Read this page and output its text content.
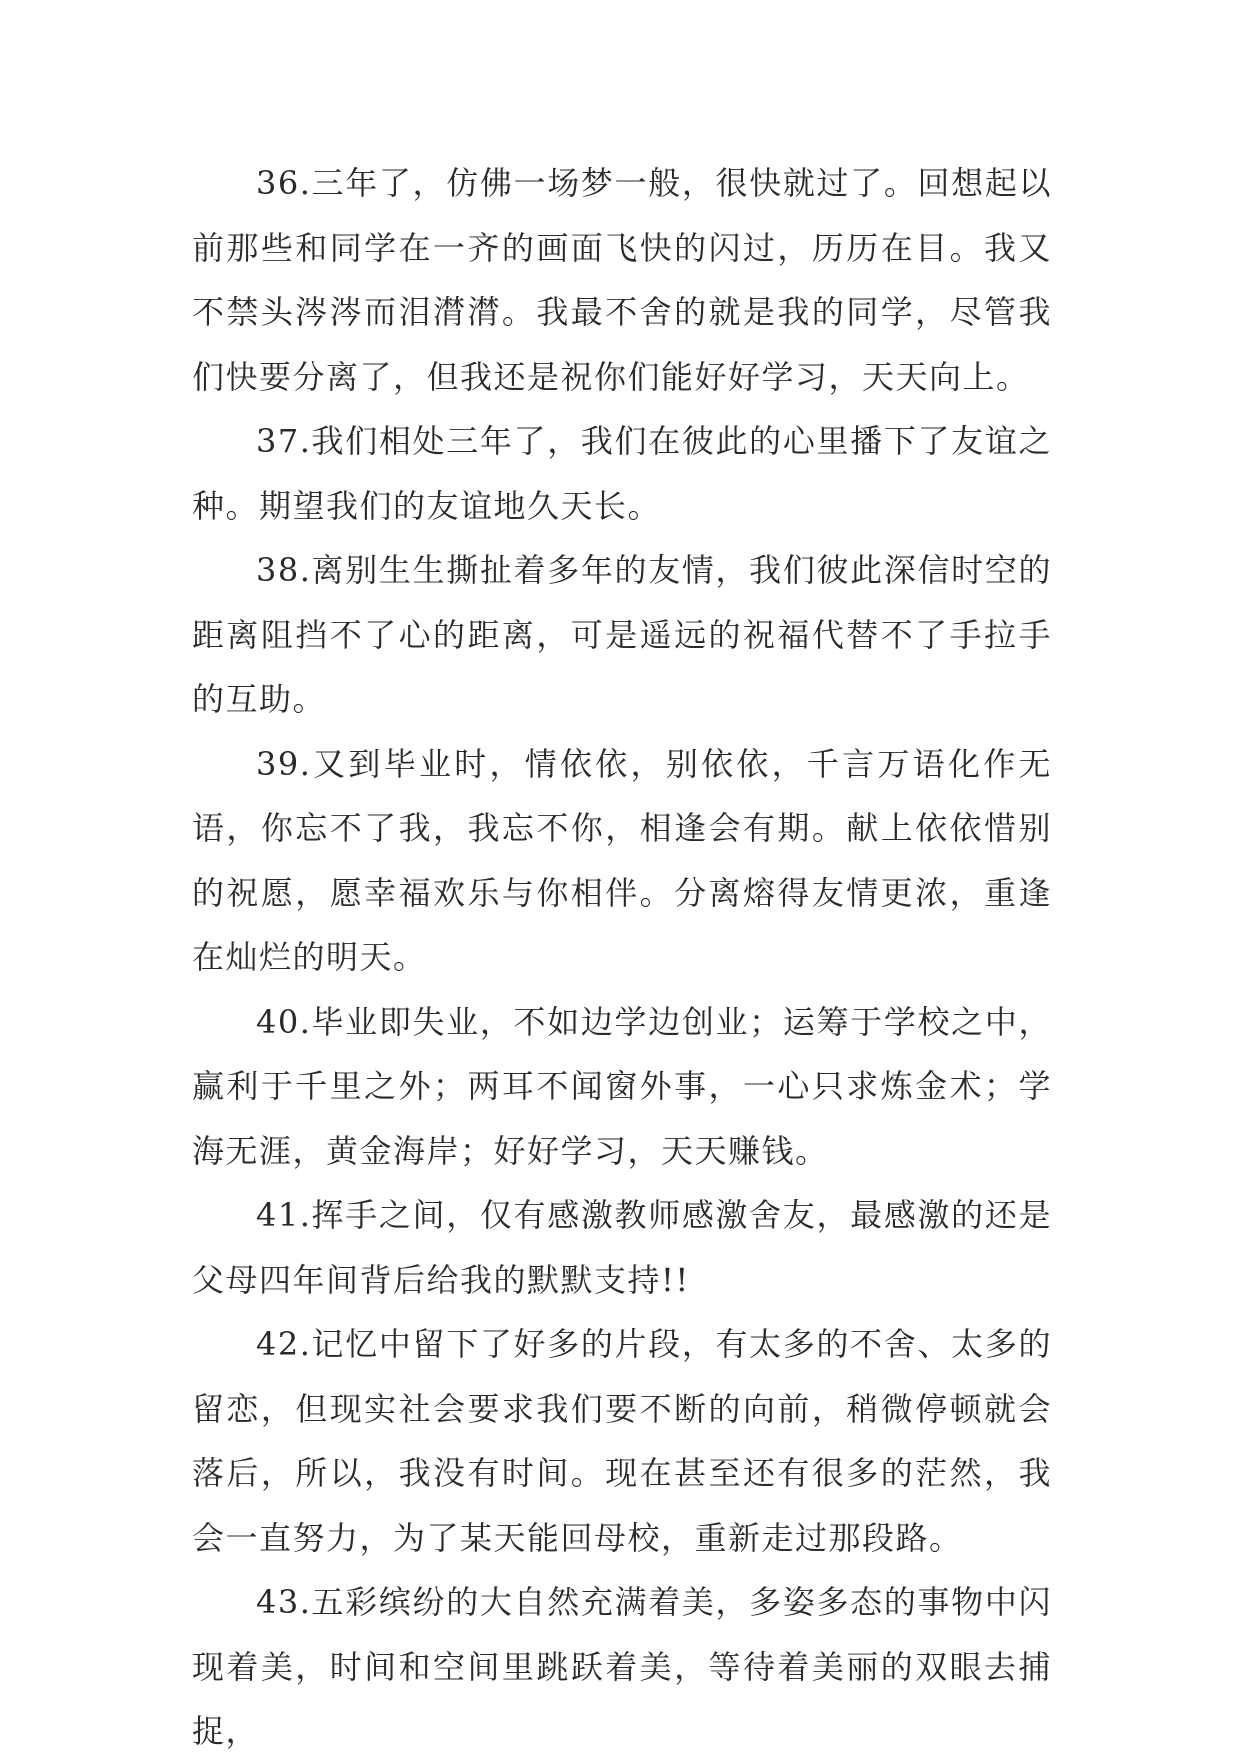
36.三年了，仿佛一场梦一般，很快就过了。回想起以前那些和同学在一齐的画面飞快的闪过，历历在目。我又不禁头涔涔而泪潸潸。我最不舍的就是我的同学，尽管我们快要分离了，但我还是祝你们能好好学习，天天向上。

37.我们相处三年了，我们在彼此的心里播下了友谊之种。期望我们的友谊地久天长。

38.离别生生撕扯着多年的友情，我们彼此深信时空的距离阻挡不了心的距离，可是遥远的祝福代替不了手拉手的互助。

39.又到毕业时，情依依，别依依，千言万语化作无语，你忘不了我，我忘不你，相逢会有期。献上依依惜别的祝愿，愿幸福欢乐与你相伴。分离熔得友情更浓，重逢在灿烂的明天。

40.毕业即失业，不如边学边创业；运筹于学校之中，赢利于千里之外；两耳不闻窗外事，一心只求炼金术；学海无涯，黄金海岸；好好学习，天天赚钱。

41.挥手之间，仅有感激教师感激舍友，最感激的还是父母四年间背后给我的默默支持!!

42.记忆中留下了好多的片段，有太多的不舍、太多的留恋，但现实社会要求我们要不断的向前，稍微停顿就会落后，所以，我没有时间。现在甚至还有很多的茫然，我会一直努力，为了某天能回母校，重新走过那段路。

43.五彩缤纷的大自然充满着美，多姿多态的事物中闪现着美，时间和空间里跳跃着美，等待着美丽的双眼去捕捉，
